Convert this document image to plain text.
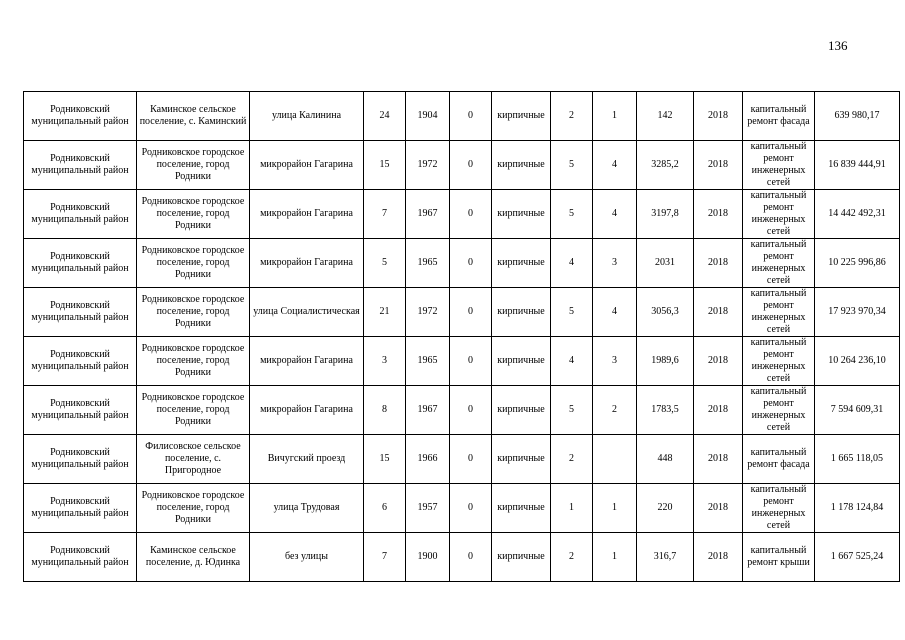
136
Родниковский муниципальный район	Каминское сельское поселение, с. Каминский	улица Калинина	24	1904	0	кирпичные	2	1	142	2018	капитальный ремонт фасада	639 980,17
Родниковский муниципальный район	Родниковское городское поселение, город Родники	микрорайон Гагарина	15	1972	0	кирпичные	5	4	3285,2	2018	капитальный ремонт инженерных сетей	16 839 444,91
Родниковский муниципальный район	Родниковское городское поселение, город Родники	микрорайон Гагарина	7	1967	0	кирпичные	5	4	3197,8	2018	капитальный ремонт инженерных сетей	14 442 492,31
Родниковский муниципальный район	Родниковское городское поселение, город Родники	микрорайон Гагарина	5	1965	0	кирпичные	4	3	2031	2018	капитальный ремонт инженерных сетей	10 225 996,86
Родниковский муниципальный район	Родниковское городское поселение, город Родники	улица Социалистическая	21	1972	0	кирпичные	5	4	3056,3	2018	капитальный ремонт инженерных сетей	17 923 970,34
Родниковский муниципальный район	Родниковское городское поселение, город Родники	микрорайон Гагарина	3	1965	0	кирпичные	4	3	1989,6	2018	капитальный ремонт инженерных сетей	10 264 236,10
Родниковский муниципальный район	Родниковское городское поселение, город Родники	микрорайон Гагарина	8	1967	0	кирпичные	5	2	1783,5	2018	капитальный ремонт инженерных сетей	7 594 609,31
Родниковский муниципальный район	Филисовское сельское поселение, с. Пригородное	Вичугский проезд	15	1966	0	кирпичные	2		448	2018	капитальный ремонт фасада	1 665 118,05
Родниковский муниципальный район	Родниковское городское поселение, город Родники	улица Трудовая	6	1957	0	кирпичные	1	1	220	2018	капитальный ремонт инженерных сетей	1 178 124,84
Родниковский муниципальный район	Каминское сельское поселение, д. Юдинка	без улицы	7	1900	0	кирпичные	2	1	316,7	2018	капитальный ремонт крыши	1 667 525,24
